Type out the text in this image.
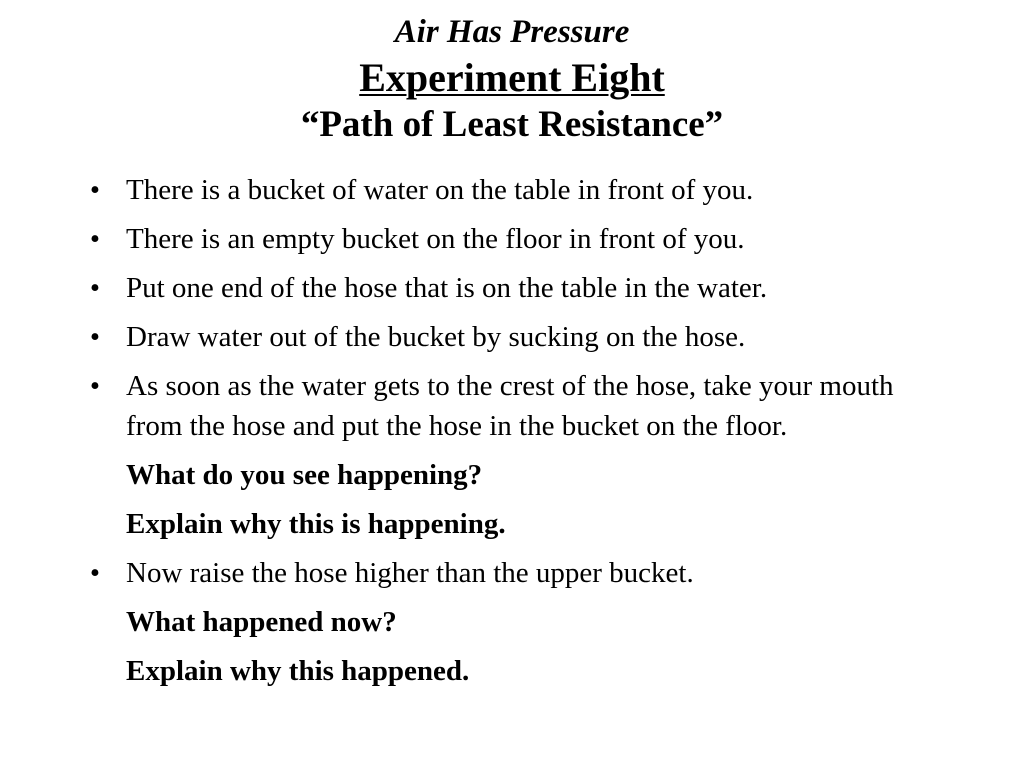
Air Has Pressure
Experiment Eight
“Path of Least Resistance”
• There is a bucket of water on the table in front of you.
• There is an empty bucket on the floor in front of you.
• Put one end of the hose that is on the table in the water.
• Draw water out of the bucket by sucking on the hose.
• As soon as the water gets to the crest of the hose, take your mouth from the hose and put the hose in the bucket on the floor.
What do you see happening?
Explain why this is happening.
• Now raise the hose higher than the upper bucket.
What happened now?
Explain why this happened.
